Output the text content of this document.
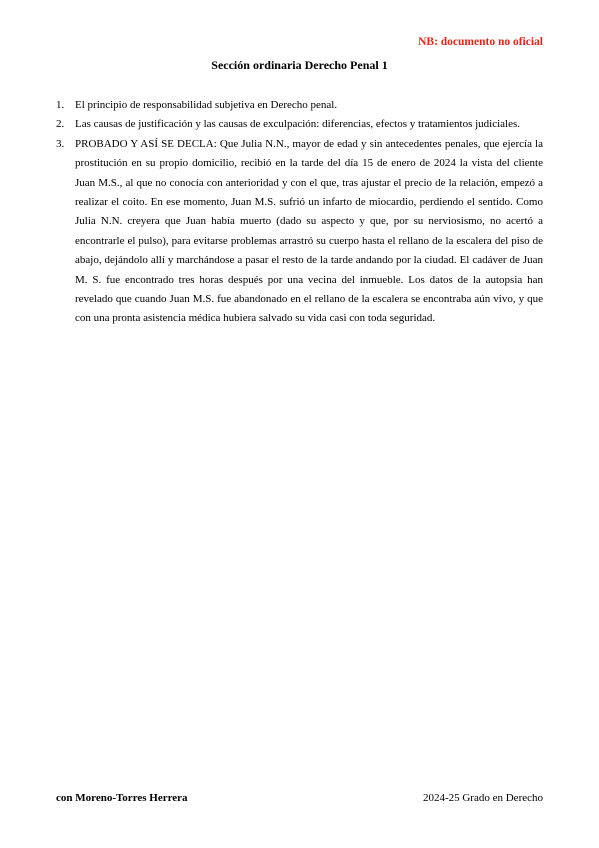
NB: documento no oficial
Sección ordinaria Derecho Penal 1
1. El principio de responsabilidad subjetiva en Derecho penal.
2. Las causas de justificación y las causas de exculpación: diferencias, efectos y tratamientos judiciales.
3. PROBADO Y ASÍ SE DECLA: Que Julia N.N., mayor de edad y sin antecedentes penales, que ejercía la prostitución en su propio domicilio, recibió en la tarde del día 15 de enero de 2024 la vista del cliente Juan M.S., al que no conocía con anterioridad y con el que, tras ajustar el precio de la relación, empezó a realizar el coito. En ese momento, Juan M.S. sufrió un infarto de miocardio, perdiendo el sentido. Como Julia N.N. creyera que Juan había muerto (dado su aspecto y que, por su nerviosismo, no acertó a encontrarle el pulso), para evitarse problemas arrastró su cuerpo hasta el rellano de la escalera del piso de abajo, dejándolo allí y marchándose a pasar el resto de la tarde andando por la ciudad. El cadáver de Juan M. S. fue encontrado tres horas después por una vecina del inmueble. Los datos de la autopsia han revelado que cuando Juan M.S. fue abandonado en el rellano de la escalera se encontraba aún vivo, y que con una pronta asistencia médica hubiera salvado su vida casi con toda seguridad.
con Moreno-Torres Herrera	2024-25 Grado en Derecho
